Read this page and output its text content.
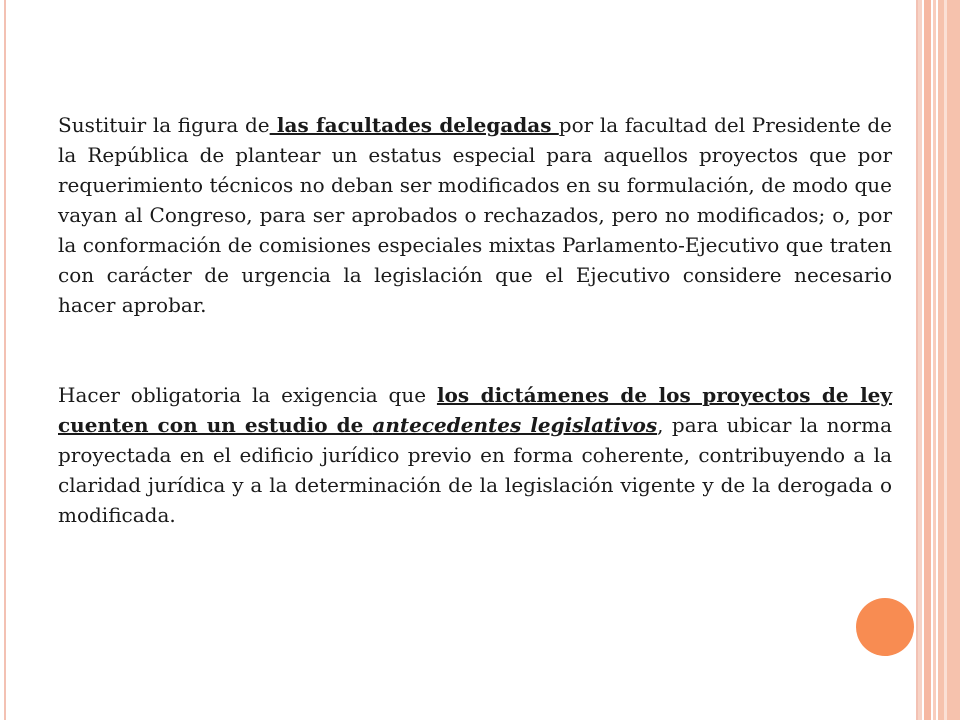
Sustituir la figura de las facultades delegadas por la facultad del Presidente de la República de plantear un estatus especial para aquellos proyectos que por requerimiento técnicos no deban ser modificados en su formulación, de modo que vayan al Congreso, para ser aprobados o rechazados, pero no modificados; o, por la conformación de comisiones especiales mixtas Parlamento-Ejecutivo que traten con carácter de urgencia la legislación que el Ejecutivo considere necesario hacer aprobar.

Hacer obligatoria la exigencia que los dictámenes de los proyectos de ley cuenten con un estudio de antecedentes legislativos, para ubicar la norma proyectada en el edificio jurídico previo en forma coherente, contribuyendo a la claridad jurídica y a la determinación de la legislación vigente y de la derogada o modificada.
